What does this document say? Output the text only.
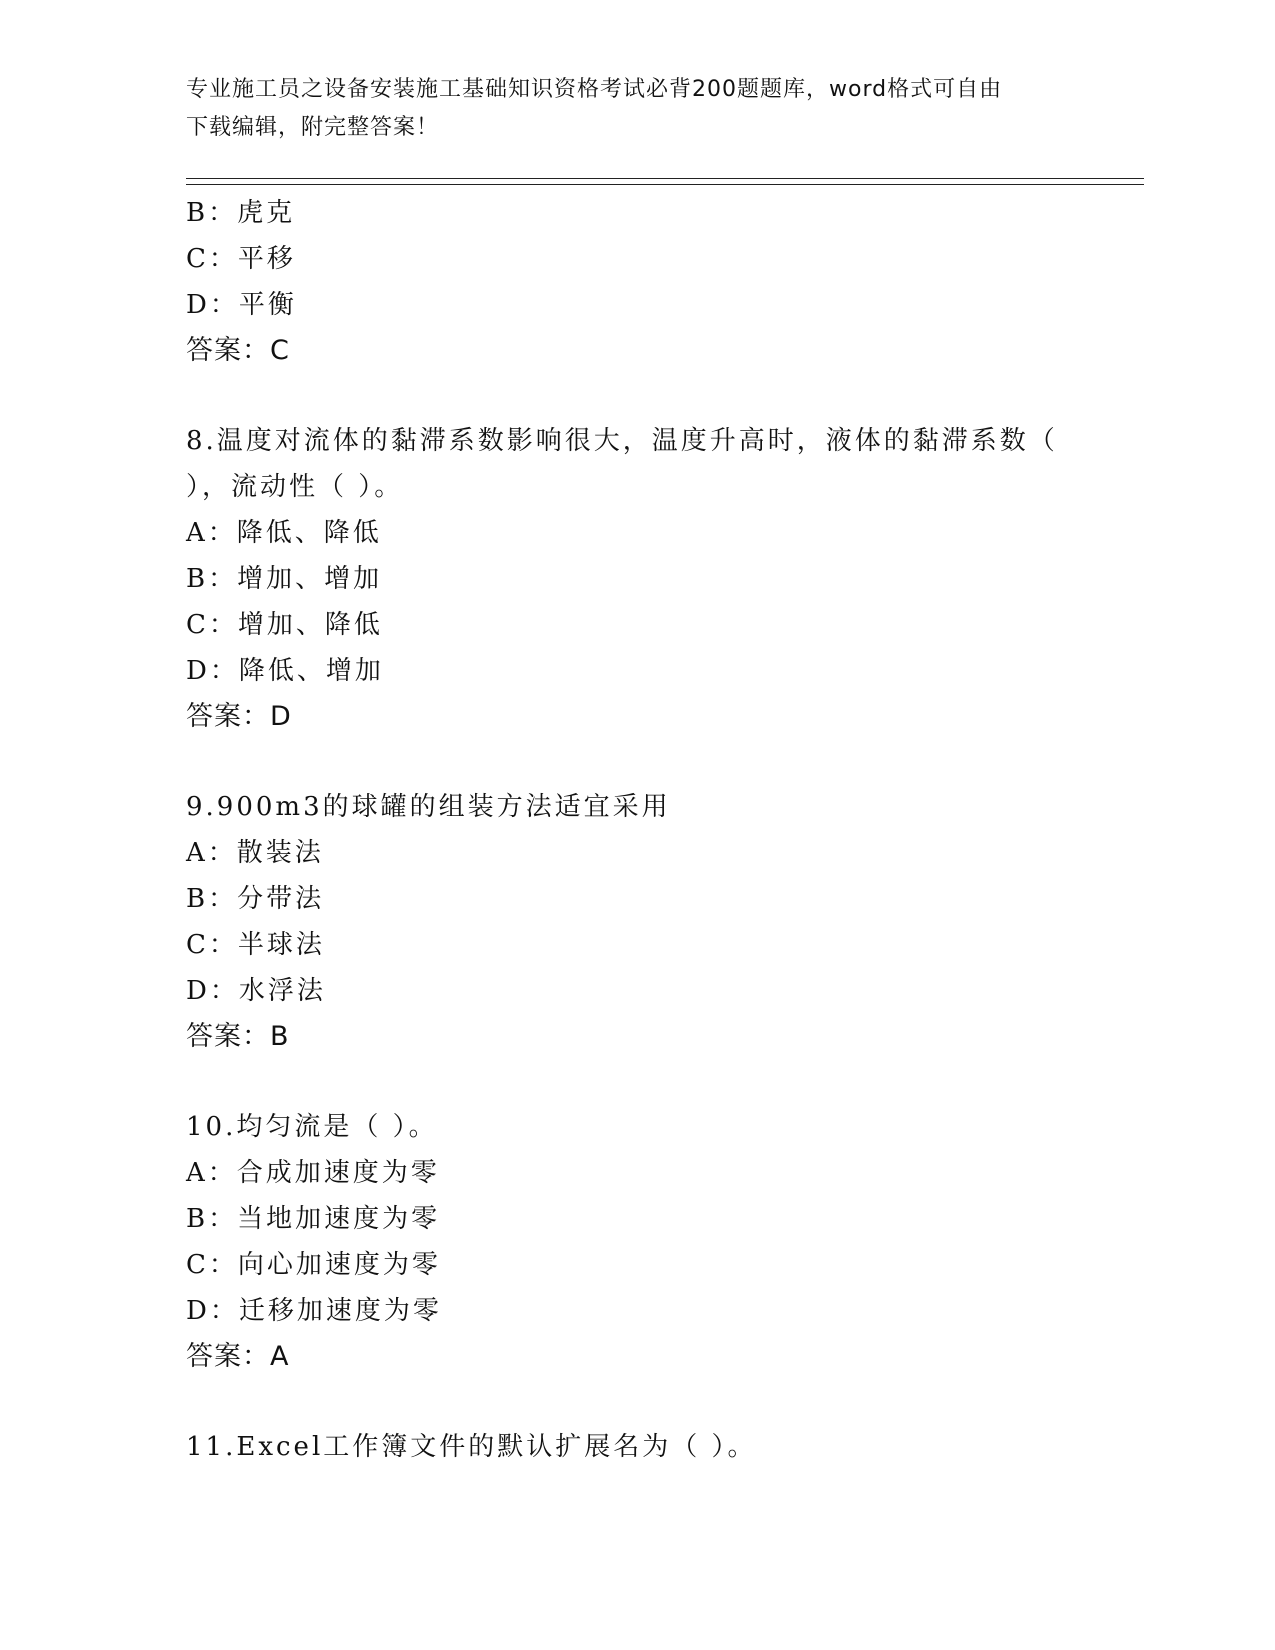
专业施工员之设备安装施工基础知识资格考试必背200题题库，word格式可自由
下载编辑，附完整答案！
B：虎克
C：平移
D：平衡
答案：C
8.温度对流体的黏滞系数影响很大，温度升高时，液体的黏滞系数（
），流动性（ ）。
A：降低、降低
B：增加、增加
C：增加、降低
D：降低、增加
答案：D
9.900m3的球罐的组装方法适宜采用
A：散装法
B：分带法
C：半球法
D：水浮法
答案：B
10.均匀流是（ ）。
A：合成加速度为零
B：当地加速度为零
C：向心加速度为零
D：迁移加速度为零
答案：A
11.Excel工作簿文件的默认扩展名为（ ）。
